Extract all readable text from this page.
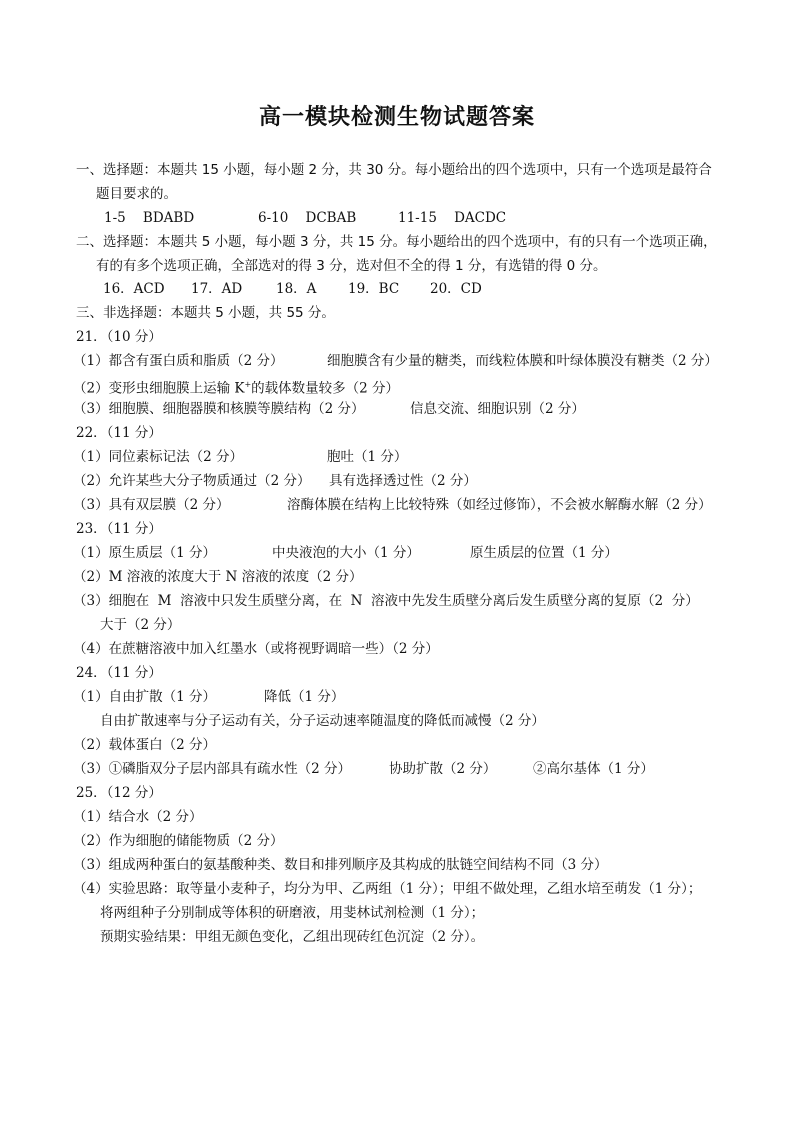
高一模块检测生物试题答案
一、选择题：本题共 15 小题，每小题 2 分，共 30 分。每小题给出的四个选项中，只有一个选项是最符合
题目要求的。
1-5    BDABD	6-10    DCBAB	11-15    DACDC
二、选择题：本题共 5 小题，每小题 3 分，共 15 分。每小题给出的四个选项中，有的只有一个选项正确，
有的有多个选项正确，全部选对的得 3 分，选对但不全的得 1 分，有选错的得 0 分。
16．ACD 17．AD 18．A 19．BC 20．CD
三、非选择题：本题共 5 小题，共 55 分。
21．（10 分）
（1）都含有蛋白质和脂质（2 分）	细胞膜含有少量的糖类，而线粒体膜和叶绿体膜没有糖类（2 分）
（2）变形虫细胞膜上运输 K+的载体数量较多（2 分）
（3）细胞膜、细胞器膜和核膜等膜结构（2 分）	信息交流、细胞识别（2 分）
22．（11 分）
（1）同位素标记法（2 分）	胞吐（1 分）
（2）允许某些大分子物质通过（2 分） 具有选择透过性（2 分）
（3）具有双层膜（2 分）	溶酶体膜在结构上比较特殊（如经过修饰），不会被水解酶水解（2 分）
23．（11 分）
（1）原生质层（1 分）	中央液泡的大小（1 分）	原生质层的位置（1 分）
（2）M 溶液的浓度大于 N 溶液的浓度（2 分）
（3）细胞在  M  溶液中只发生质壁分离，在  N  溶液中先发生质壁分离后发生质壁分离的复原（2  分）
大于（2 分）
（4）在蔗糖溶液中加入红墨水（或将视野调暗一些）（2 分）
24．（11 分）
（1）自由扩散（1 分）	降低（1 分）
自由扩散速率与分子运动有关，分子运动速率随温度的降低而减慢（2 分）
（2）载体蛋白（2 分）
（3）①磷脂双分子层内部具有疏水性（2 分）	协助扩散（2 分）	②高尔基体（1 分）
25．（12 分）
（1）结合水（2 分）
（2）作为细胞的储能物质（2 分）
（3）组成两种蛋白的氨基酸种类、数目和排列顺序及其构成的肽链空间结构不同（3 分）
（4）实验思路：取等量小麦种子，均分为甲、乙两组（1 分）；甲组不做处理，乙组水培至萌发（1 分）；
将两组种子分别制成等体积的研磨液，用斐林试剂检测（1 分）；
预期实验结果：甲组无颜色变化，乙组出现砖红色沉淀（2 分）。
